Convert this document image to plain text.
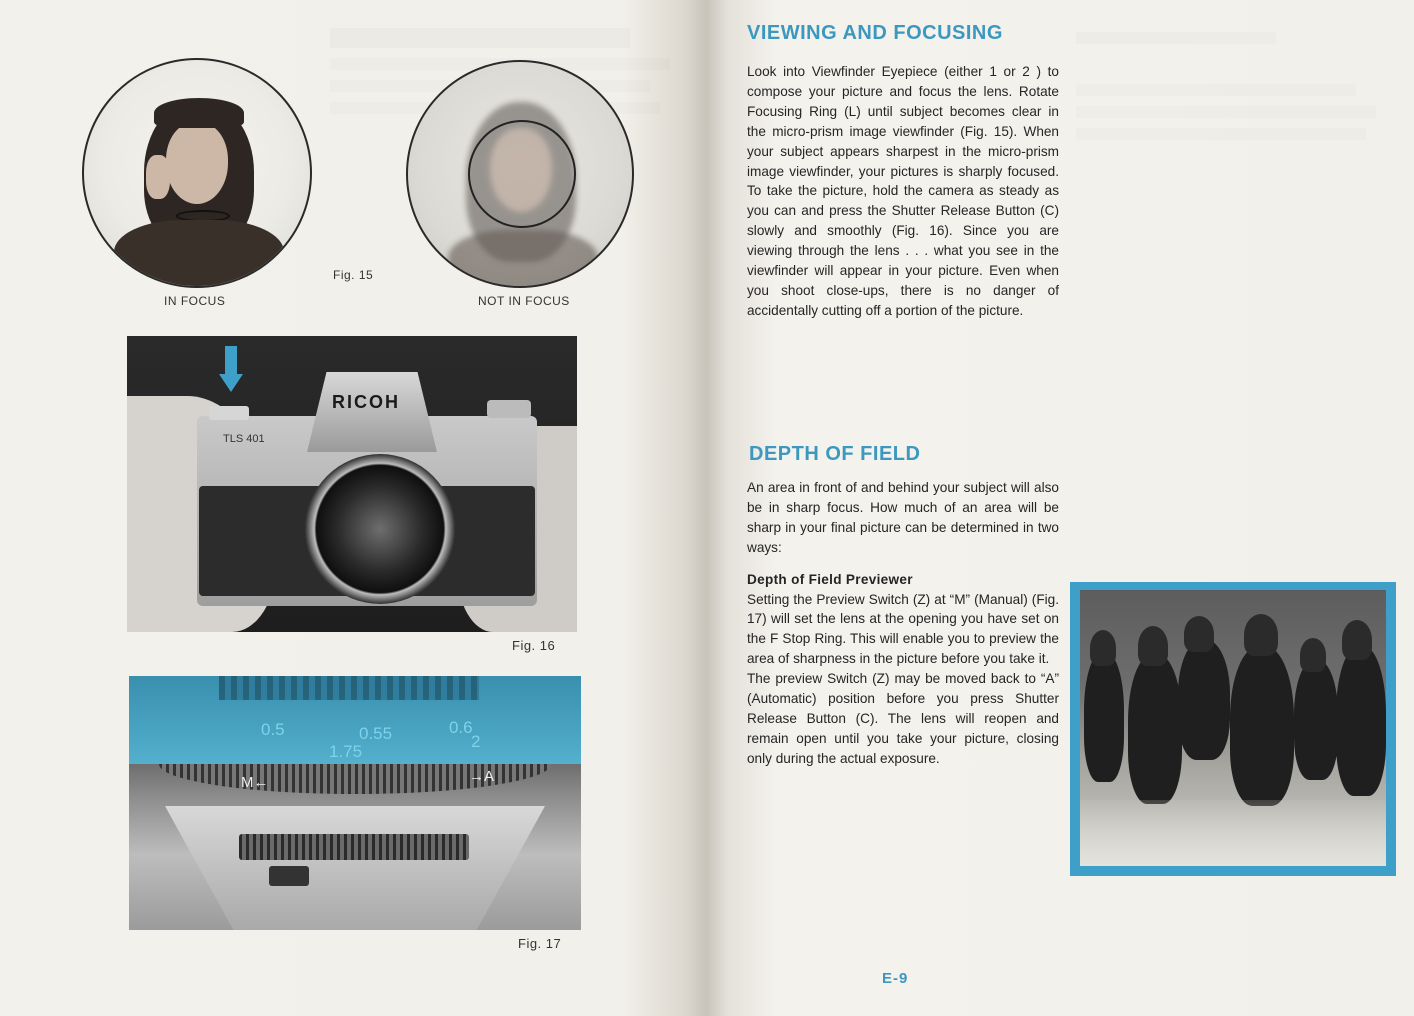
Fig. 15
IN FOCUS	NOT IN FOCUS
RICOH
TLS 401
Fig. 16
0.5	0.55	0.6
1.75
2
M←	→A
Fig. 17
VIEWING AND FOCUSING

Look into Viewfinder Eyepiece (either 1 or 2 ) to compose your picture and focus the lens. Rotate Focusing Ring (L) until subject becomes clear in the micro-prism image viewfinder (Fig. 15). When your subject appears sharpest in the micro-prism image viewfinder, your pictures is sharply focused. To take the picture, hold the camera as steady as you can and press the Shutter Release Button (C) slowly and smoothly (Fig. 16). Since you are viewing through the lens . . . what you see in the viewfinder will appear in your picture. Even when you shoot close-ups, there is no danger of accidentally cutting off a portion of the picture.

DEPTH OF FIELD

An area in front of and behind your subject will also be in sharp focus. How much of an area will be sharp in your final picture can be determined in two ways:

Depth of Field Previewer

Setting the Preview Switch (Z) at “M” (Manual) (Fig. 17) will set the lens at the opening you have set on the F Stop Ring. This will enable you to preview the area of sharpness in the picture before you take it.

The preview Switch (Z) may be moved back to “A” (Automatic) position before you press Shutter Release Button (C). The lens will reopen and remain open until you take your picture, closing only during the actual exposure.

E-9
